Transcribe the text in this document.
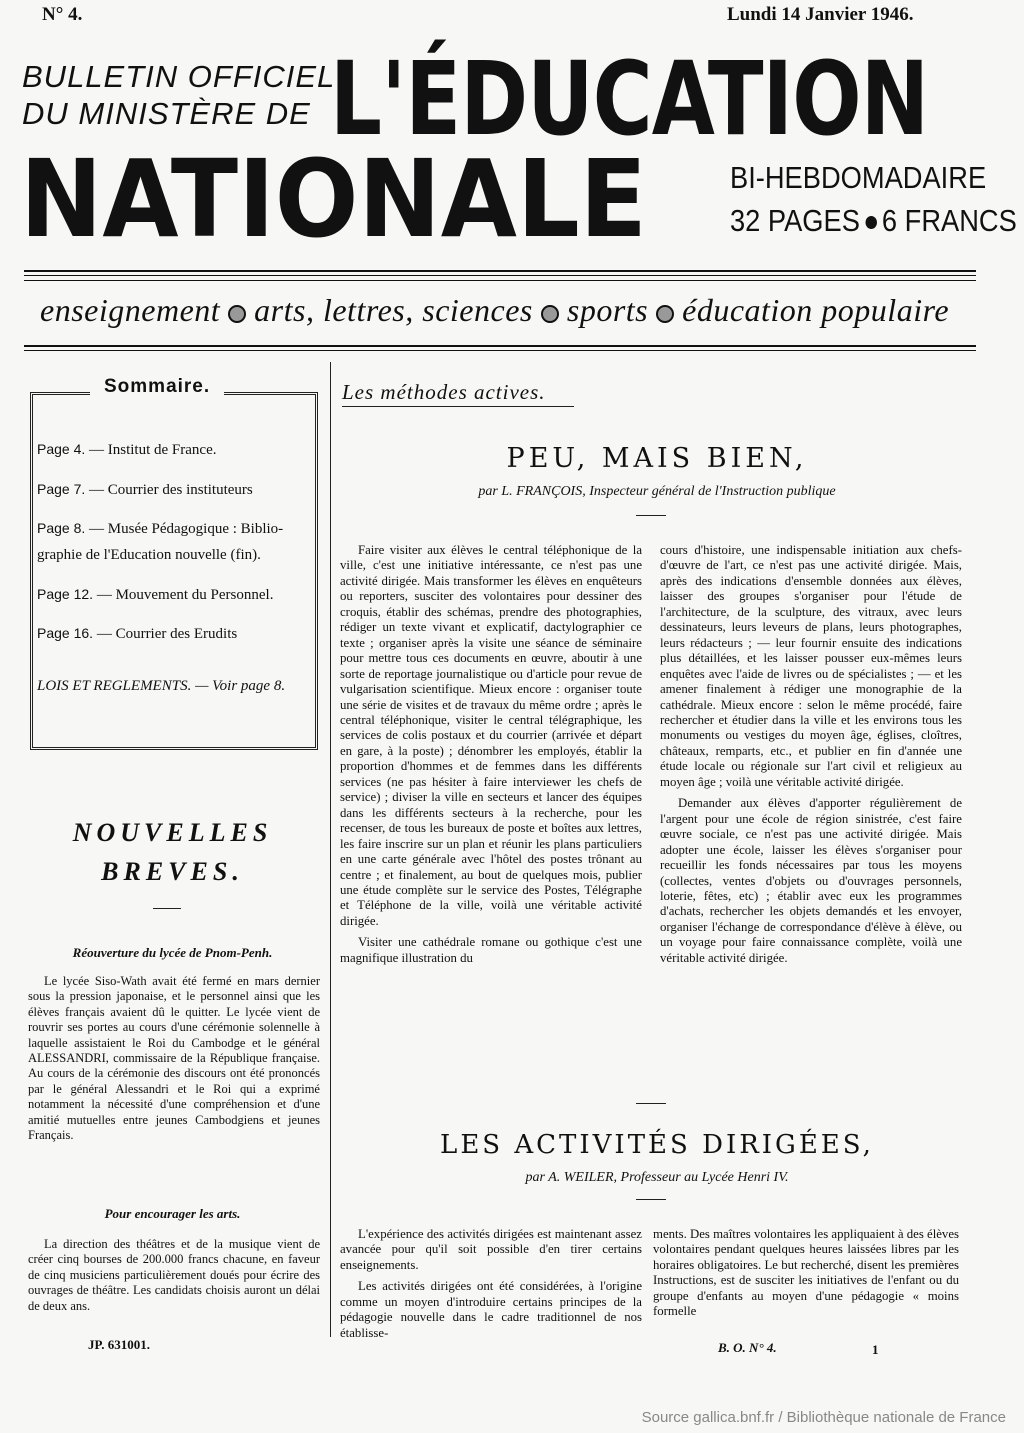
N° 4.	Lundi 14 Janvier 1946.
BULLETIN OFFICIEL
DU MINISTÈRE DE L'ÉDUCATION
NATIONALE	BI-HEBDOMADAIRE
32 PAGES 6 FRANCS
enseignement arts, lettres, sciences sports éducation populaire
Sommaire.
Page 4. — Institut de France.
Page 7. — Courrier des instituteurs
Page 8. — Musée Pédagogique : Biblio-graphie de l'Education nouvelle (fin).
Page 12. — Mouvement du Personnel.
Page 16. — Courrier des Erudits
LOIS ET REGLEMENTS. — Voir page 8.
NOUVELLES
BREVES.
Réouverture du lycée de Pnom-Penh.
Le lycée Siso-Wath avait été fermé en mars dernier sous la pression japonaise, et le personnel ainsi que les élèves français avaient dû le quitter. Le lycée vient de rouvrir ses portes au cours d'une cérémonie solennelle à laquelle assistaient le Roi du Cambodge et le général ALESSANDRI, commissaire de la République française. Au cours de la cérémonie des discours ont été prononcés par le général Alessandri et le Roi qui a exprimé notamment la nécessité d'une compréhension et d'une amitié mutuelles entre jeunes Cambodgiens et jeunes Français.
Pour encourager les arts.
La direction des théâtres et de la musique vient de créer cinq bourses de 200.000 francs chacune, en faveur de cinq musiciens particulièrement doués pour écrire des ouvrages de théâtre. Les candidats choisis auront un délai de deux ans.
JP. 631001.
Les méthodes actives.
PEU, MAIS BIEN,
par L. FRANÇOIS, Inspecteur général de l'Instruction publique

Faire visiter aux élèves le central téléphonique de la ville, c'est une initiative intéressante, ce n'est pas une activité dirigée. Mais transformer les élèves en enquêteurs ou reporters, susciter des volontaires pour dessiner des croquis, établir des schémas, prendre des photographies, rédiger un texte vivant et explicatif, dactylographier ce texte ; organiser après la visite une séance de séminaire pour mettre tous ces documents en œuvre, aboutir à une sorte de reportage journalistique ou d'article pour revue de vulgarisation scientifique. Mieux encore : organiser toute une série de visites et de travaux du même ordre ; après le central téléphonique, visiter le central télégraphique, les services de colis postaux et du courrier (arrivée et départ en gare, à la poste) ; dénombrer les employés, établir la proportion d'hommes et de femmes dans les différents services (ne pas hésiter à faire interviewer les chefs de service) ; diviser la ville en secteurs et lancer des équipes dans les différents secteurs à la recherche, pour les recenser, de tous les bureaux de poste et boîtes aux lettres, les faire inscrire sur un plan et réunir les plans particuliers en une carte générale avec l'hôtel des postes trônant au centre ; et finalement, au bout de quelques mois, publier une étude complète sur le service des Postes, Télégraphe et Téléphone de la ville, voilà une véritable activité dirigée.

Visiter une cathédrale romane ou gothique c'est une magnifique illustration du

cours d'histoire, une indispensable initiation aux chefs-d'œuvre de l'art, ce n'est pas une activité dirigée. Mais, après des indications d'ensemble données aux élèves, laisser des groupes s'organiser pour l'étude de l'architecture, de la sculpture, des vitraux, avec leurs dessinateurs, leurs leveurs de plans, leurs photographes, leurs rédacteurs ; — leur fournir ensuite des indications plus détaillées, et les laisser pousser eux-mêmes leurs enquêtes avec l'aide de livres ou de spécialistes ; — et les amener finalement à rédiger une monographie de la cathédrale. Mieux encore : selon le même procédé, faire rechercher et étudier dans la ville et les environs tous les monuments ou vestiges du moyen âge, églises, cloîtres, châteaux, remparts, etc., et publier en fin d'année une étude locale ou régionale sur l'art civil et religieux au moyen âge ; voilà une véritable activité dirigée.

Demander aux élèves d'apporter régulièrement de l'argent pour une école de région sinistrée, c'est faire œuvre sociale, ce n'est pas une activité dirigée. Mais adopter une école, laisser les élèves s'organiser pour recueillir les fonds nécessaires par tous les moyens (collectes, ventes d'objets ou d'ouvrages personnels, loterie, fêtes, etc) ; établir avec eux les programmes d'achats, rechercher les objets demandés et les envoyer, organiser l'échange de correspondance d'élève à élève, ou un voyage pour faire connaissance complète, voilà une véritable activité dirigée.

LES ACTIVITÉS DIRIGÉES,
par A. WEILER, Professeur au Lycée Henri IV.

L'expérience des activités dirigées est maintenant assez avancée pour qu'il soit possible d'en tirer certains enseignements.

Les activités dirigées ont été considérées, à l'origine comme un moyen d'introduire certains principes de la pédagogie nouvelle dans le cadre traditionnel de nos établisse-

ments. Des maîtres volontaires les appliquaient à des élèves volontaires pendant quelques heures laissées libres par les horaires obligatoires. Le but recherché, disent les premières Instructions, est de susciter les initiatives de l'enfant ou du groupe d'enfants au moyen d'une pédagogie « moins formelle

B. O. N° 4.	1
Source gallica.bnf.fr / Bibliothèque nationale de France
